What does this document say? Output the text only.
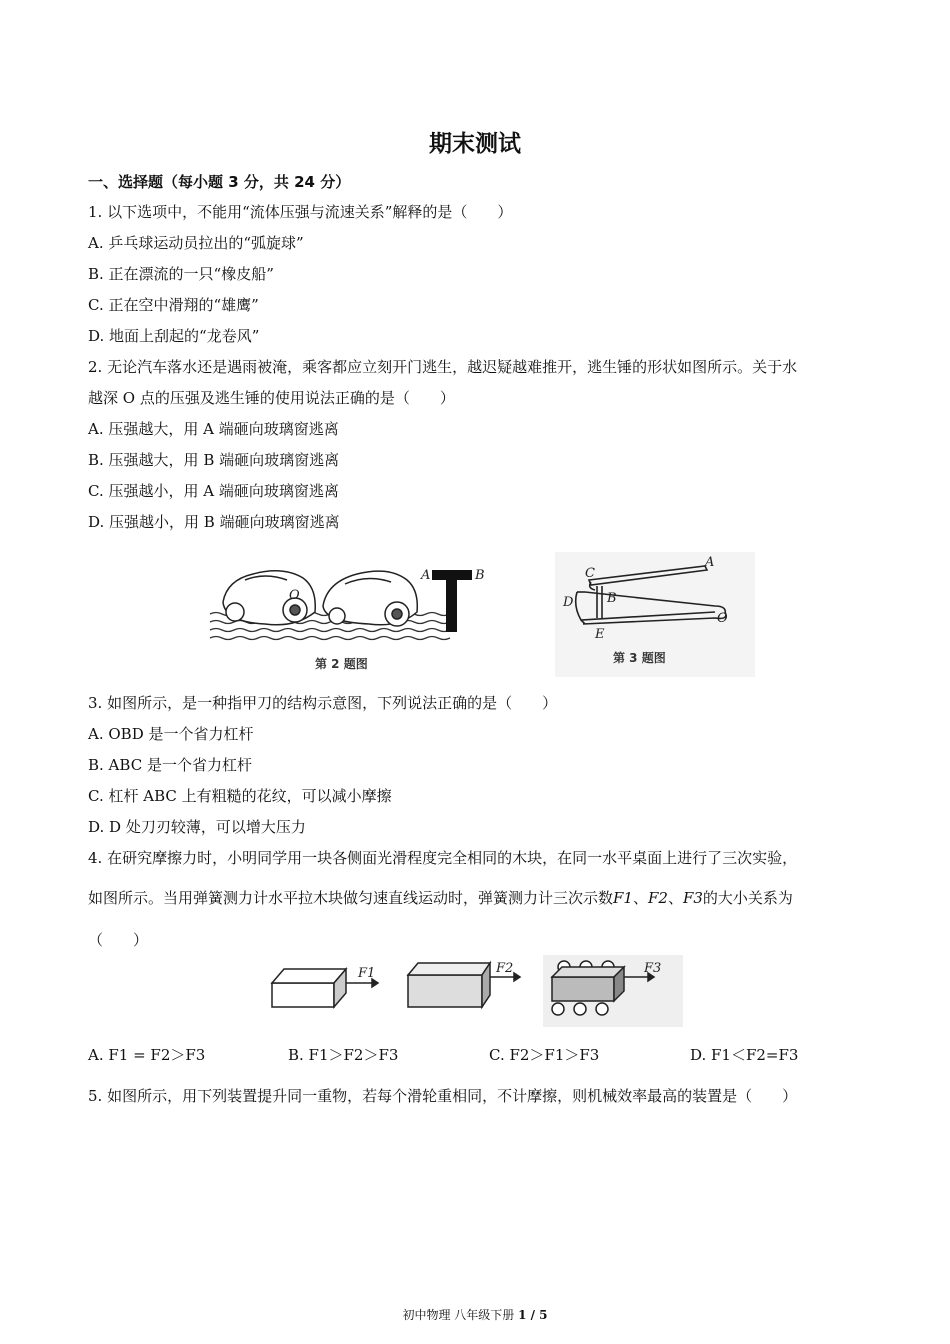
期末测试
一、选择题（每小题 3 分，共 24 分）
1. 以下选项中，不能用“流体压强与流速关系”解释的是（　　）
A. 乒乓球运动员拉出的“弧旋球”
B. 正在漂流的一只“橡皮船”
C. 正在空中滑翔的“雄鹰”
D. 地面上刮起的“龙卷风”
2. 无论汽车落水还是遇雨被淹，乘客都应立刻开门逃生，越迟疑越难推开，逃生锤的形状如图所示。关于水
越深 O 点的压强及逃生锤的使用说法正确的是（　　）
A. 压强越大，用 A 端砸向玻璃窗逃离
B. 压强越大，用 B 端砸向玻璃窗逃离
C. 压强越小，用 A 端砸向玻璃窗逃离
D. 压强越小，用 B 端砸向玻璃窗逃离
O
A	B
第 2 题图
A
B
C
D
E
O
第 3 题图
3. 如图所示，是一种指甲刀的结构示意图，下列说法正确的是（　　）
A. OBD 是一个省力杠杆
B. ABC 是一个省力杠杆
C. 杠杆 ABC 上有粗糙的花纹，可以减小摩擦
D. D 处刀刃较薄，可以增大压力
4. 在研究摩擦力时，小明同学用一块各侧面光滑程度完全相同的木块，在同一水平桌面上进行了三次实验，
如图所示。当用弹簧测力计水平拉木块做匀速直线运动时，弹簧测力计三次示数F1、F2、F3的大小关系为
（　　）
F1	F2	F3
A. F1 = F2＞F3	B. F1＞F2＞F3	C. F2＞F1＞F3	D. F1＜F2=F3
5. 如图所示，用下列装置提升同一重物，若每个滑轮重相同，不计摩擦，则机械效率最高的装置是（　　）
初中物理 八年级下册 1 / 5
